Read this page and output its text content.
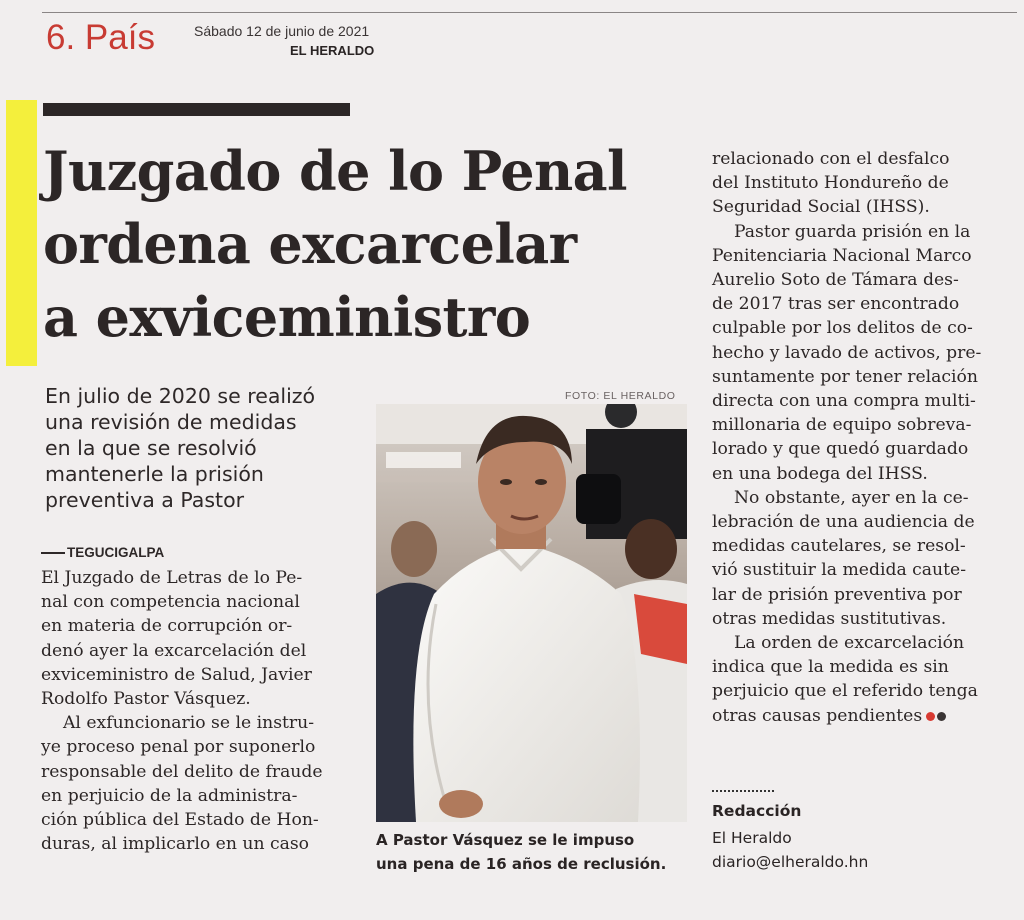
6. País	Sábado 12 de junio de 2021
EL HERALDO
Juzgado de lo Penal
ordena excarcelar
a exviceministro
En julio de 2020 se realizó
una revisión de medidas
en la que se resolvió
mantenerle la prisión
preventiva a Pastor
TEGUCIGALPA
El Juzgado de Letras de lo Pe-
nal con competencia nacional
en materia de corrupción or-
denó ayer la excarcelación del
exviceministro de Salud, Javier
Rodolfo Pastor Vásquez.
Al exfuncionario se le instru-
ye proceso penal por suponerlo
responsable del delito de fraude
en perjuicio de la administra-
ción pública del Estado de Hon-
duras, al implicarlo en un caso
FOTO: EL HERALDO
A Pastor Vásquez se le impuso
una pena de 16 años de reclusión.
relacionado con el desfalco
del Instituto Hondureño de
Seguridad Social (IHSS).
Pastor guarda prisión en la
Penitenciaria Nacional Marco
Aurelio Soto de Támara des-
de 2017 tras ser encontrado
culpable por los delitos de co-
hecho y lavado de activos, pre-
suntamente por tener relación
directa con una compra multi-
millonaria de equipo sobreva-
lorado y que quedó guardado
en una bodega del IHSS.
No obstante, ayer en la ce-
lebración de una audiencia de
medidas cautelares, se resol-
vió sustituir la medida caute-
lar de prisión preventiva por
otras medidas sustitutivas.
La orden de excarcelación
indica que la medida es sin
perjuicio que el referido tenga
otras causas pendientes
Redacción
El Heraldo
diario@elheraldo.hn
